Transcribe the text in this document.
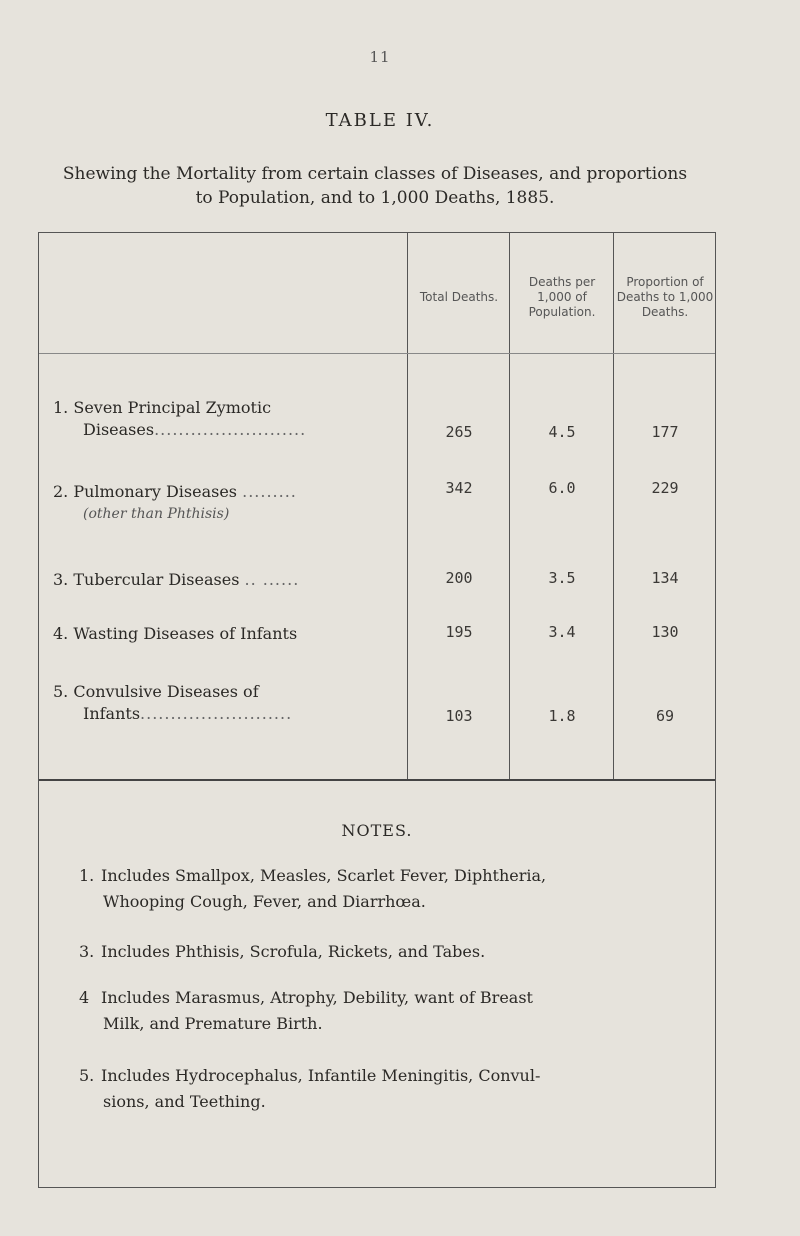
11
TABLE IV.
Shewing the Mortality from certain classes of Diseases, and proportions to Population, and to 1,000 Deaths, 1885.
Total Deaths.
Deaths per 1,000 of Population.
Proportion of Deaths to 1,000 Deaths.
1. Seven Principal Zymotic
Diseases.........................	265	4.5	177
2. Pulmonary Diseases .........
(other than Phthisis)
342	6.0	229
3. Tubercular Diseases .. ......	200	3.5	134
4. Wasting Diseases of Infants	195	3.4	130
5. Convulsive Diseases of
Infants.........................	103	1.8	69
NOTES.
1. Includes Smallpox, Measles, Scarlet Fever, Diphtheria,
Whooping Cough, Fever, and Diarrhœa.
3. Includes Phthisis, Scrofula, Rickets, and Tabes.
4 Includes Marasmus, Atrophy, Debility, want of Breast
Milk, and Premature Birth.
5. Includes Hydrocephalus, Infantile Meningitis, Convul-
sions, and Teething.
